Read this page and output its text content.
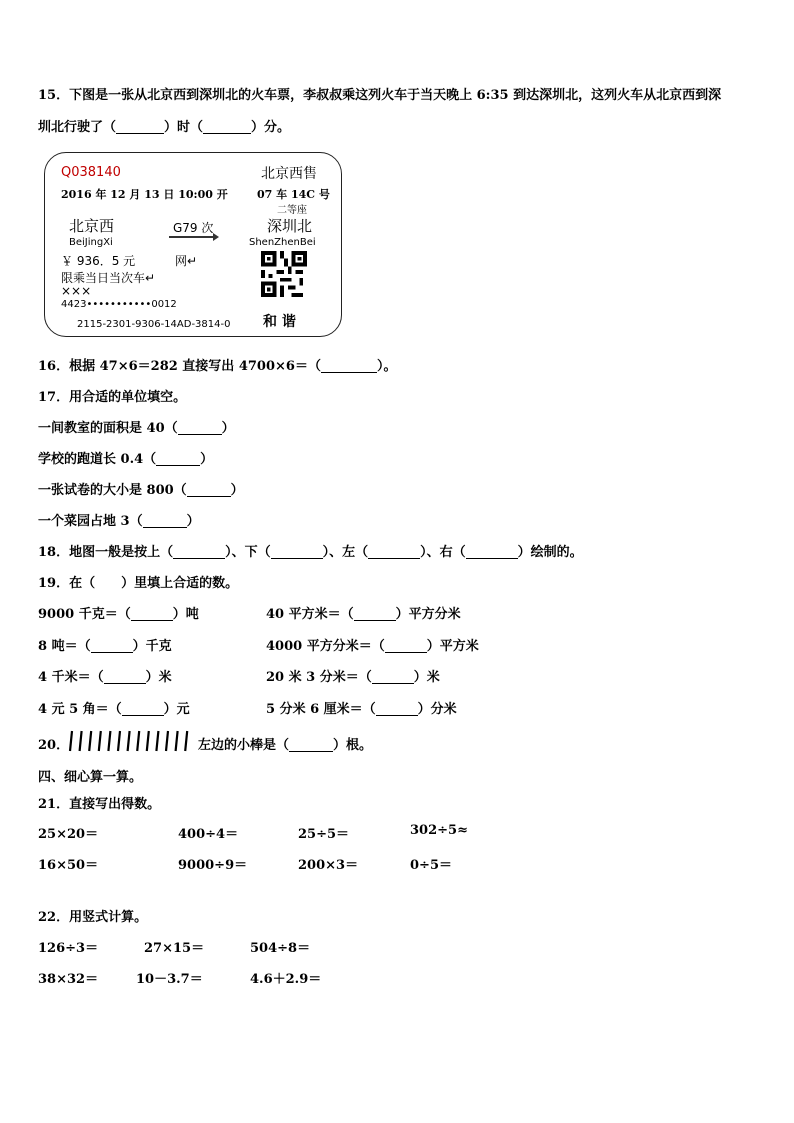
15．下图是一张从北京西到深圳北的火车票，李叔叔乘这列火车于当天晚上 6:35 到达深圳北，这列火车从北京西到深
圳北行驶了（	）时（	）分。
Q038140	北京西售
2016 年 12 月 13 日 10:00 开	07 车 14C 号
二等座
北京西	G79 次	深圳北
BeiJingXi	ShenZhenBei
￥ 936．5 元	网↵
限乘当日当次车↵
×××
4423•••••••••••0012
2115-2301-9306-14AD-3814-0 和 谐
16．根据 47×6＝282 直接写出 4700×6＝（	）。
17．用合适的单位填空。
一间教室的面积是 40（	）
学校的跑道长 0.4（	）
一张试卷的大小是 800（	）
一个菜园占地 3（	）
18．地图一般是按上（	）、下（	）、左（	）、右（	）绘制的。
19．在（　　）里填上合适的数。
9000 千克＝（	）吨	40 平方米＝（	）平方分米
8 吨＝（	）千克	4000 平方分米＝（	）平方米
4 千米＝（	）米	20 米 3 分米＝（	）米
4 元 5 角＝（	）元	5 分米 6 厘米＝（	）分米
20．	左边的小棒是（	）根。
四、细心算一算。
21．直接写出得数。
25×20＝	400÷4＝	25÷5＝	302÷5≈
16×50＝	9000÷9＝	200×3＝	0÷5＝
22．用竖式计算。
126÷3＝	27×15＝	504÷8＝
38×32＝	10－3.7＝	4.6＋2.9＝
